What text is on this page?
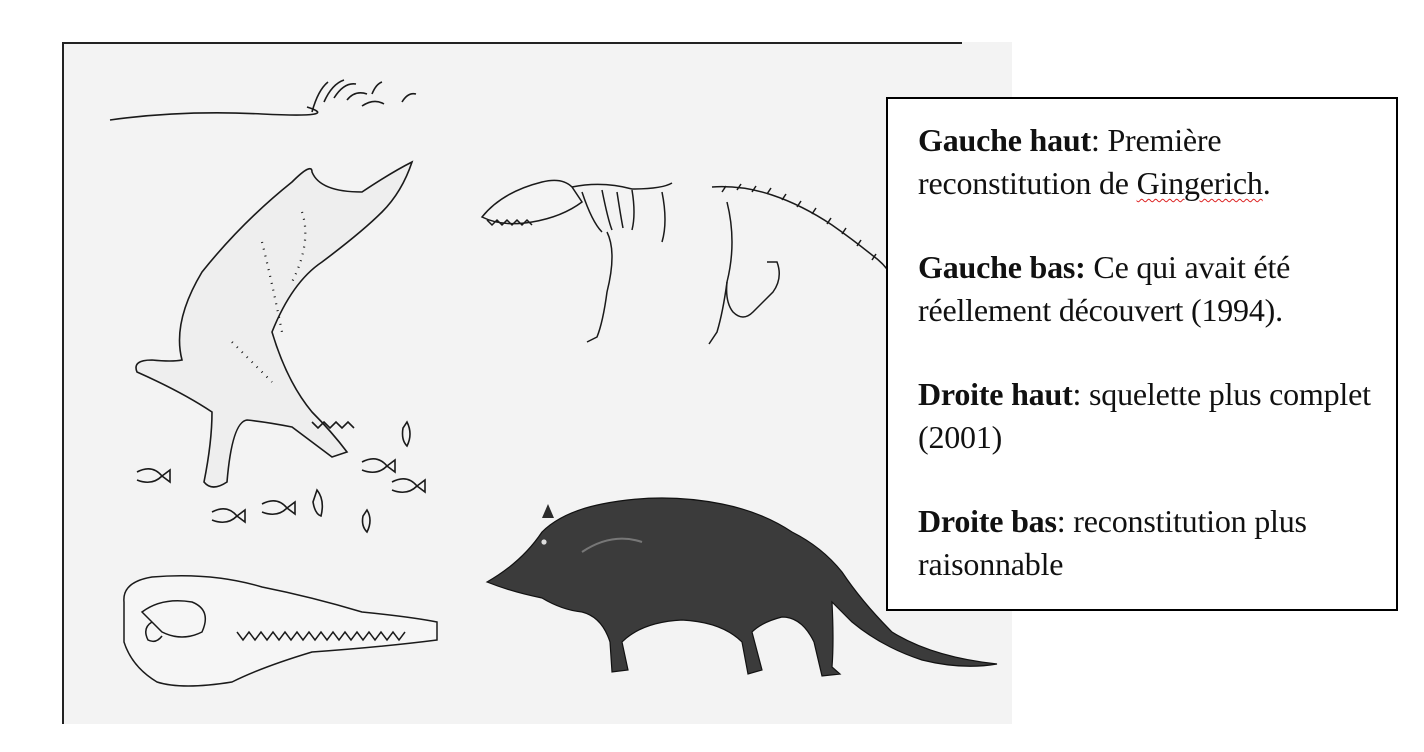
Gauche haut: Première reconstitution de Gingerich.

Gauche bas: Ce qui avait été réellement découvert (1994).

Droite haut: squelette plus complet (2001)

Droite bas: reconstitution plus raisonnable
